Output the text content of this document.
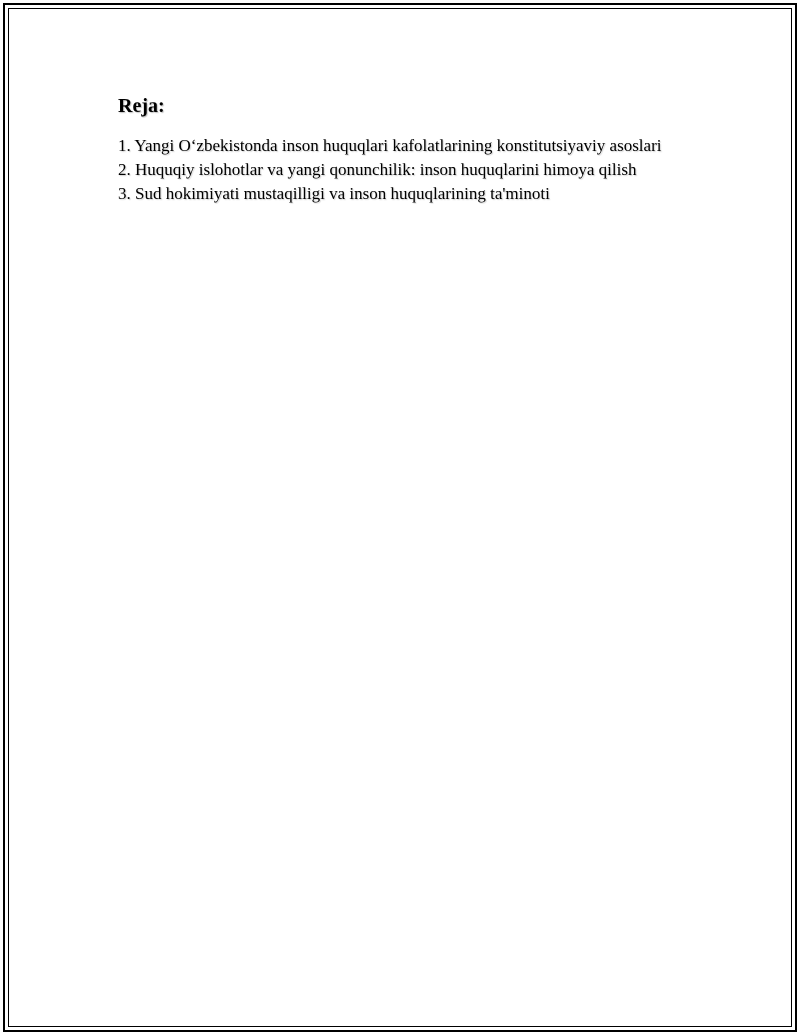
Reja:
1. Yangi O‘zbekistonda inson huquqlari kafolatlarining konstitutsiyaviy asoslari
2. Huquqiy islohotlar va yangi qonunchilik: inson huquqlarini himoya qilish
3. Sud hokimiyati mustaqilligi va inson huquqlarining ta'minoti
